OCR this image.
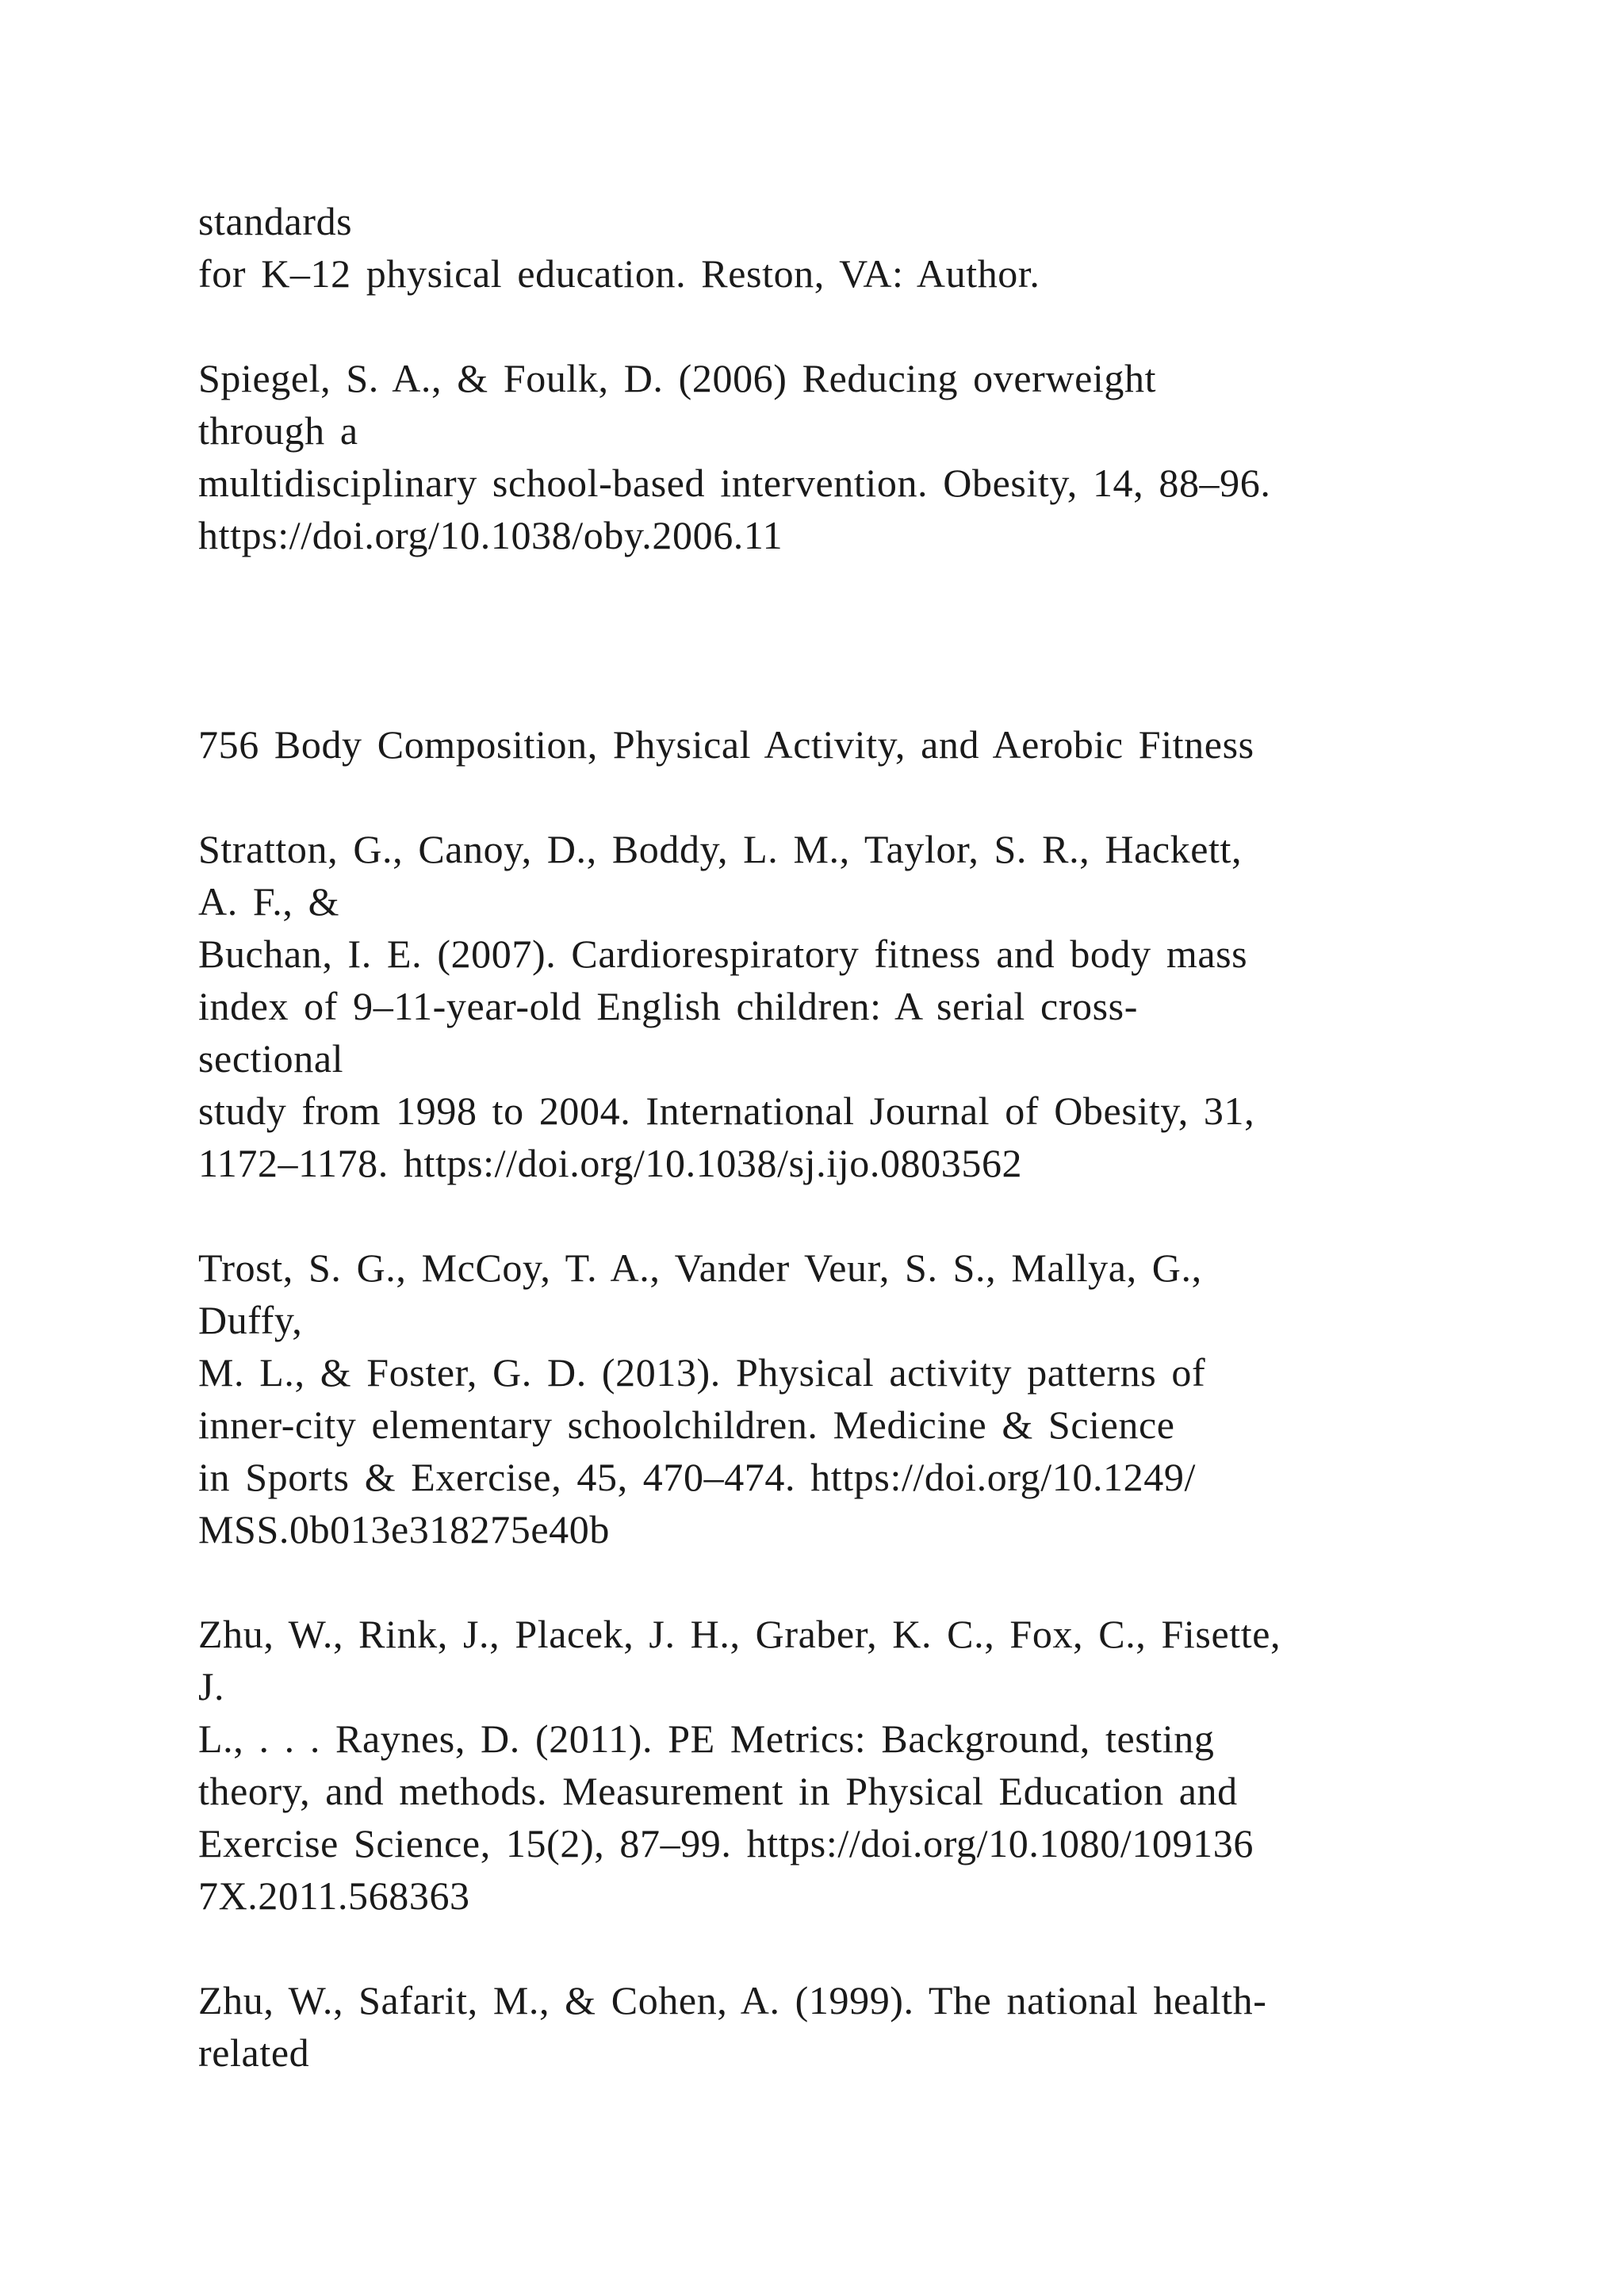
standards

for K–12 physical education. Reston, VA: Author.

Spiegel, S. A., & Foulk, D. (2006) Reducing overweight

through a

multidisciplinary school-based intervention. Obesity, 14, 88–96.

https://doi.org/10.1038/oby.2006.11

756 Body Composition, Physical Activity, and Aerobic Fitness

Stratton, G., Canoy, D., Boddy, L. M., Taylor, S. R., Hackett,

A. F., &

Buchan, I. E. (2007). Cardiorespiratory fitness and body mass

index of 9–11-year-old English children: A serial cross-

sectional

study from 1998 to 2004. International Journal of Obesity, 31,

1172–1178. https://doi.org/10.1038/sj.ijo.0803562

Trost, S. G., McCoy, T. A., Vander Veur, S. S., Mallya, G.,

Duffy,

M. L., & Foster, G. D. (2013). Physical activity patterns of

inner-city elementary schoolchildren. Medicine & Science

in Sports & Exercise, 45, 470–474. https://doi.org/10.1249/

MSS.0b013e318275e40b

Zhu, W., Rink, J., Placek, J. H., Graber, K. C., Fox, C., Fisette,

J.

L., . . . Raynes, D. (2011). PE Metrics: Background, testing

theory, and methods. Measurement in Physical Education and

Exercise Science, 15(2), 87–99. https://doi.org/10.1080/109136

7X.2011.568363

Zhu, W., Safarit, M., & Cohen, A. (1999). The national health-

related
